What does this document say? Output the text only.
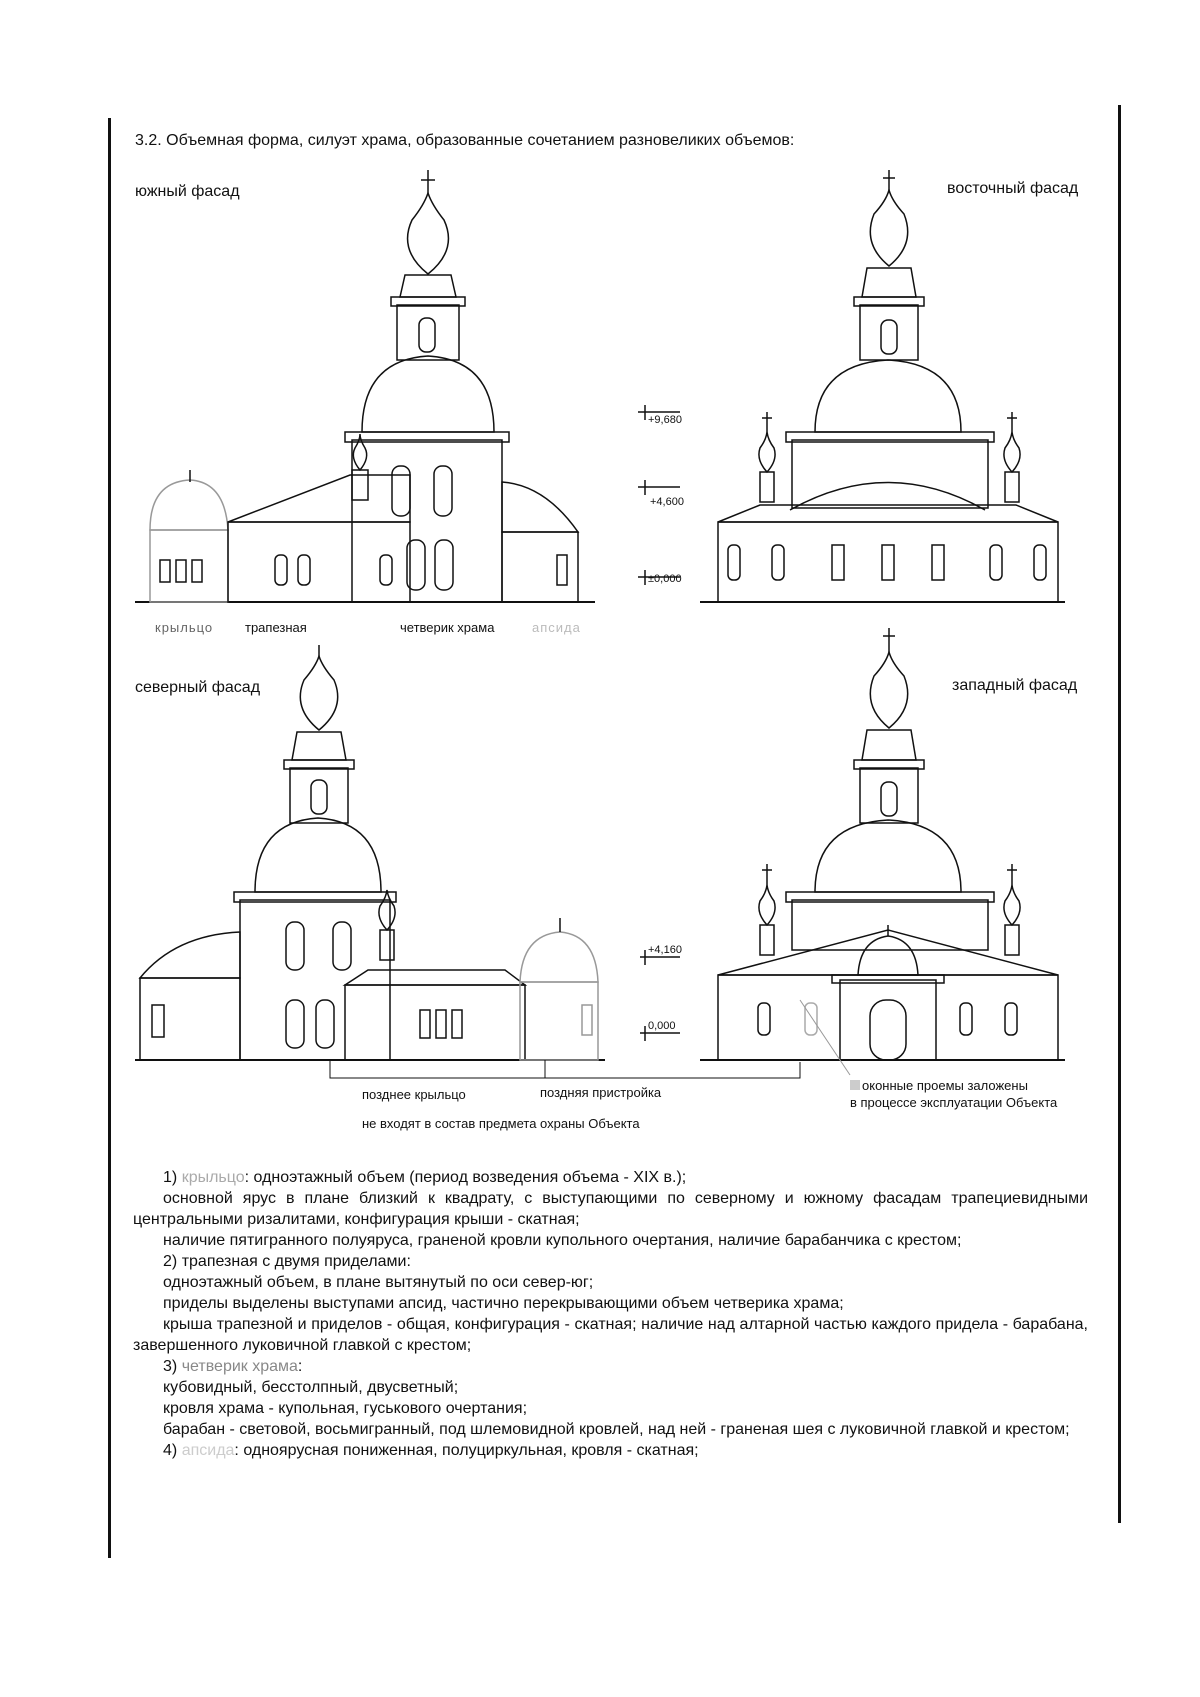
3.2. Объемная форма, силуэт храма, образованные сочетанием разновеликих объемов:
южный фасад	восточный фасад
северный фасад	западный фасад
+9,680
+4,600
±0,000
+4,160
0,000
крыльцо трапезная	четверик храма	апсида
позднее крыльцо	поздняя пристройка
не входят в состав предмета охраны Объекта
оконные проемы заложены
в процессе эксплуатации Объекта

1) крыльцо: одноэтажный объем (период возведения объема - XIX в.);

основной ярус в плане близкий к квадрату, с выступающими по северному и южному фасадам трапециевидными центральными ризалитами, конфигурация крыши - скатная;

наличие пятигранного полуяруса, граненой кровли купольного очертания, наличие барабанчика с крестом;

2) трапезная с двумя приделами:

одноэтажный объем, в плане вытянутый по оси север-юг;

приделы выделены выступами апсид, частично перекрывающими объем четверика храма;

крыша трапезной и приделов - общая, конфигурация - скатная; наличие над алтарной частью каждого придела - барабана, завершенного луковичной главкой с крестом;

3) четверик храма:

кубовидный, бесстолпный, двусветный;

кровля храма - купольная, гуськового очертания;

барабан - световой, восьмигранный, под шлемовидной кровлей, над ней - граненая шея с луковичной главкой и крестом;

4) апсида: одноярусная пониженная, полуциркульная, кровля - скатная;
